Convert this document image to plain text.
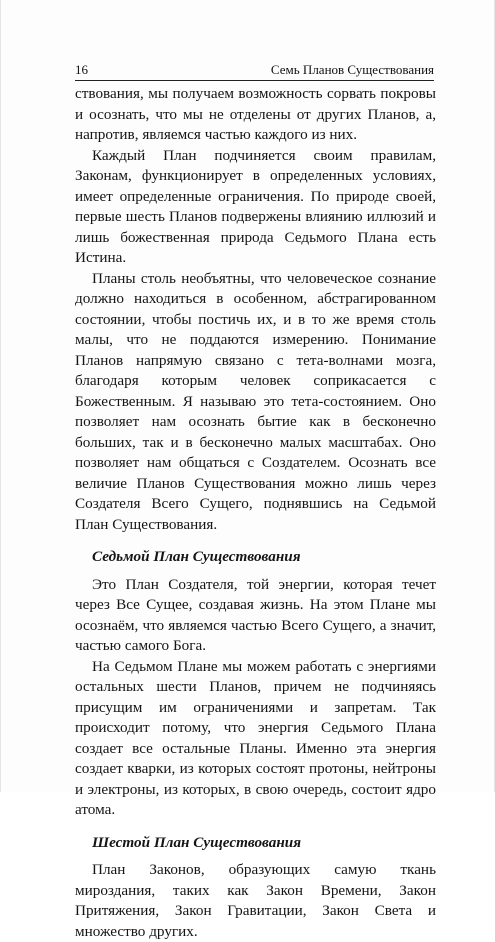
16	Семь Планов Существования

ствования, мы получаем возможность сорвать покровы и осознать, что мы не отделены от других Планов, а, напротив, являемся частью каждого из них.

Каждый План подчиняется своим правилам, Законам, функционирует в определенных условиях, имеет определенные ограничения. По природе своей, первые шесть Планов подвержены влиянию иллюзий и лишь божественная природа Седьмого Плана есть Истина.

Планы столь необъятны, что человеческое сознание должно находиться в особенном, абстрагированном состоянии, чтобы постичь их, и в то же время столь малы, что не поддаются измерению. Понимание Планов напрямую связано с тета-волнами мозга, благодаря которым человек соприкасается с Божественным. Я называю это тета-состоянием. Оно позволяет нам осознать бытие как в бесконечно больших, так и в бесконечно малых масштабах. Оно позволяет нам общаться с Создателем. Осознать все величие Планов Существования можно лишь через Создателя Всего Сущего, поднявшись на Седьмой План Существования.

Седьмой План Существования

Это План Создателя, той энергии, которая течет через Все Сущее, создавая жизнь. На этом Плане мы осознаём, что являемся частью Всего Сущего, а значит, частью самого Бога.

На Седьмом Плане мы можем работать с энергиями остальных шести Планов, причем не подчиняясь присущим им ограничениями и запретам. Так происходит потому, что энергия Седьмого Плана создает все остальные Планы. Именно эта энергия создает кварки, из которых состоят протоны, нейтроны и электроны, из которых, в свою очередь, состоит ядро атома.

Шестой План Существования

План Законов, образующих самую ткань мироздания, таких как Закон Времени, Закон Притяжения, Закон Гравитации, Закон Света и множество других.
